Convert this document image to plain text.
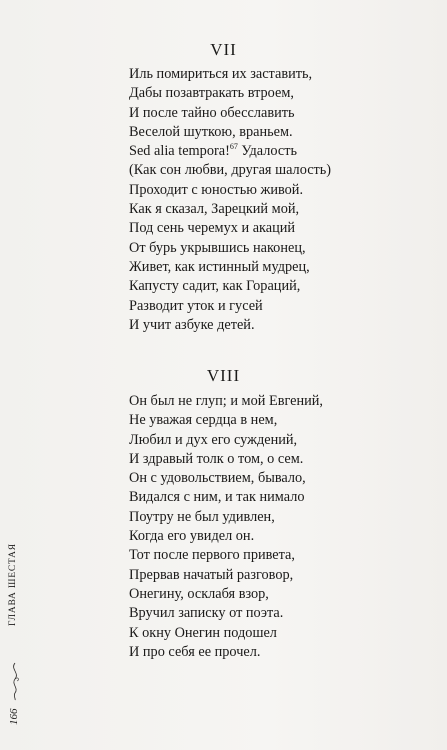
VII
Иль помириться их заставить,
Дабы позавтракать втроем,
И после тайно обесславить
Веселой шуткою, враньем.
Sed alia tempora!$^{67}$ Удалость
(Как сон любви, другая шалость)
Проходит с юностью живой.
Как я сказал, Зарецкий мой,
Под сень черемух и акаций
От бурь укрывшись наконец,
Живет, как истинный мудрец,
Капусту садит, как Гораций,
Разводит уток и гусей
И учит азбуке детей.
VIII
Он был не глуп; и мой Евгений,
Не уважая сердца в нем,
Любил и дух его суждений,
И здравый толк о том, о сем.
Он с удовольствием, бывало,
Видался с ним, и так нимало
Поутру не был удивлен,
Когда его увидел он.
Тот после первого привета,
Прервав начатый разговор,
Онегину, осклабя взор,
Вручил записку от поэта.
К окну Онегин подошел
И про себя ее прочел.
ГЛАВА ШЕСТАЯ
166
